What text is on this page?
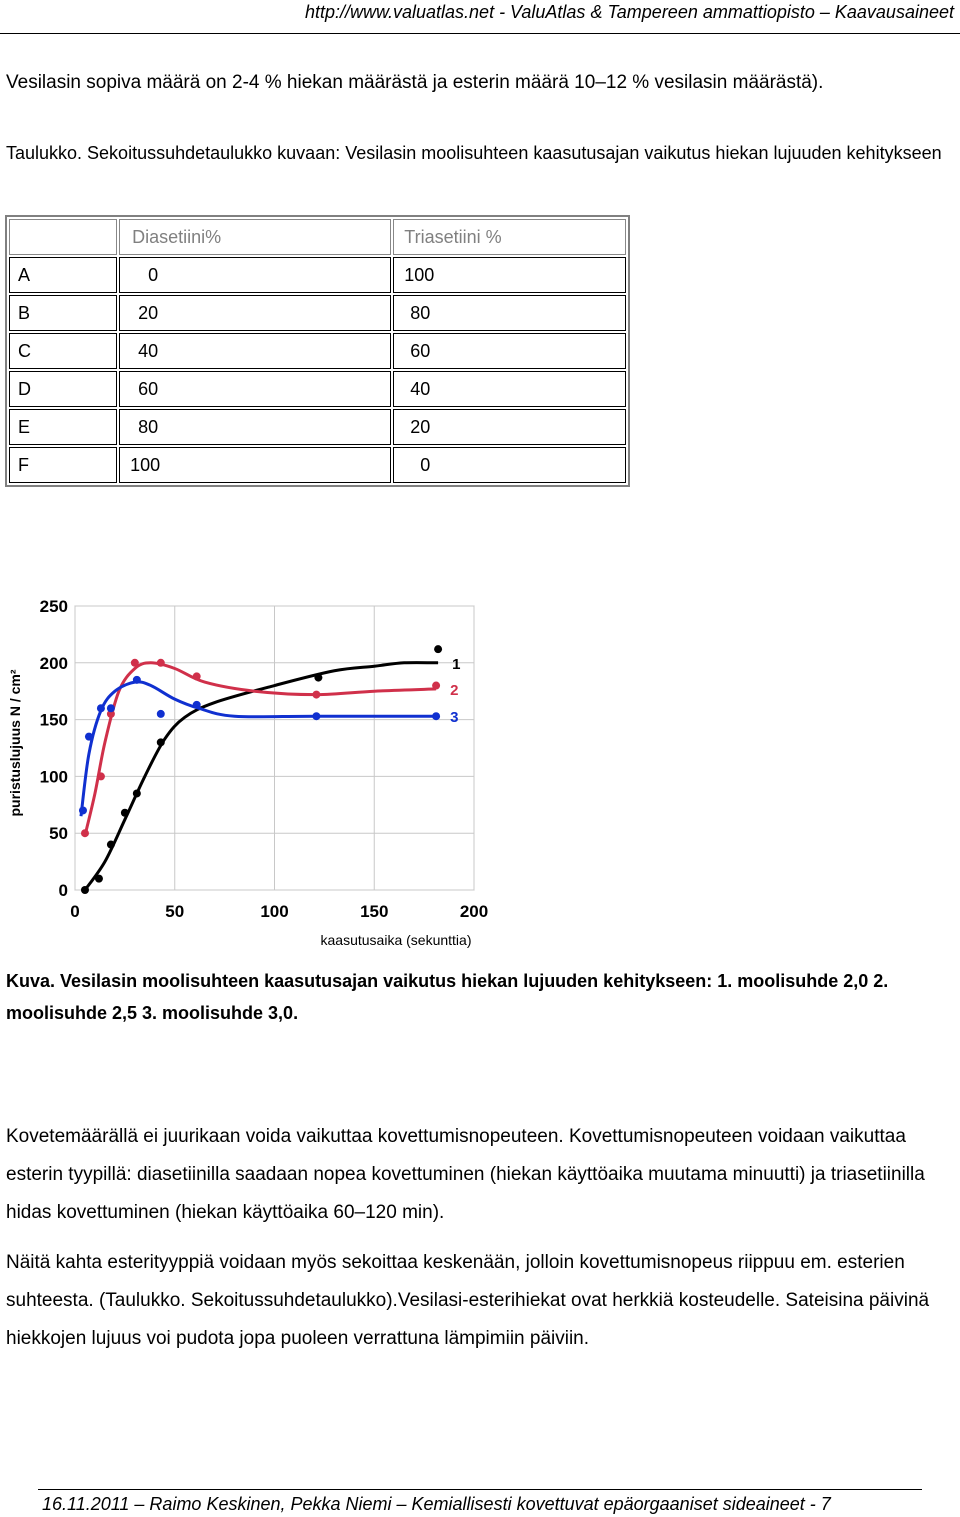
http://www.valuatlas.net - ValuAtlas & Tampereen ammattiopisto – Kaavausaineet
Vesilasin sopiva määrä on 2-4 % hiekan määrästä ja esterin määrä 10–12 % vesilasin määrästä).
Taulukko. Sekoitussuhdetaulukko kuvaan: Vesilasin moolisuhteen kaasutusajan vaikutus hiekan lujuuden kehitykseen
	Diasetiini%	Triasetiini %
A	0	100
B	20	80
C	40	60
D	60	40
E	80	20
F	100	0
0	50	100	150	200
0
50
100
150
200
250
kaasutusaika (sekunttia)
puristuslujuus N / cm²
1
2
3
Kuva. Vesilasin moolisuhteen kaasutusajan vaikutus hiekan lujuuden kehitykseen: 1. moolisuhde 2,0 2. moolisuhde 2,5 3. moolisuhde 3,0.
Kovetemäärällä ei juurikaan voida vaikuttaa kovettumisnopeuteen. Kovettumisnopeuteen voidaan vaikuttaa esterin tyypillä: diasetiinilla saadaan nopea kovettuminen (hiekan käyttöaika muutama minuutti) ja triasetiinilla hidas kovettuminen (hiekan käyttöaika 60–120 min).
Näitä kahta esterityyppiä voidaan myös sekoittaa keskenään, jolloin kovettumisnopeus riippuu em. esterien suhteesta. (Taulukko. Sekoitussuhdetaulukko).Vesilasi-esterihiekat ovat herkkiä kosteudelle. Sateisina päivinä hiekkojen lujuus voi pudota jopa puoleen verrattuna lämpimiin päiviin.
16.11.2011 – Raimo Keskinen, Pekka Niemi – Kemiallisesti kovettuvat epäorgaaniset sideaineet - 7
